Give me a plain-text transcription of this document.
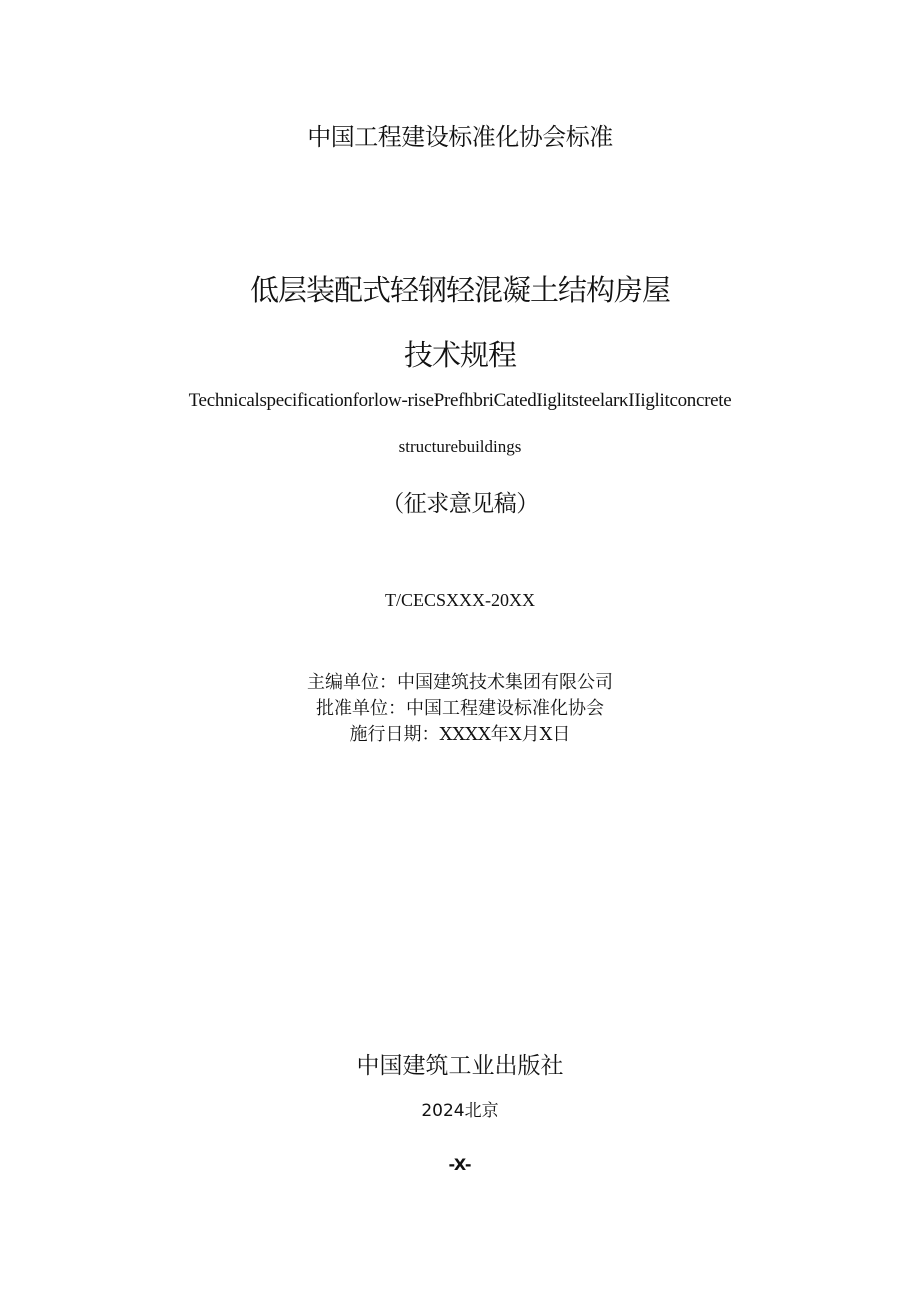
中国工程建设标准化协会标准
低层装配式轻钢轻混凝土结构房屋
技术规程
Technicalspecificationforlow-risePrefhbriCatedIiglitsteelarκIIiglitconcrete
structurebuildings
（征求意见稿）
T/CECSXXX-20XX
主编单位：中国建筑技术集团有限公司
批准单位：中国工程建设标准化协会
施行日期：XXXX年X月X日
中国建筑工业出版社
2024北京
-X-
